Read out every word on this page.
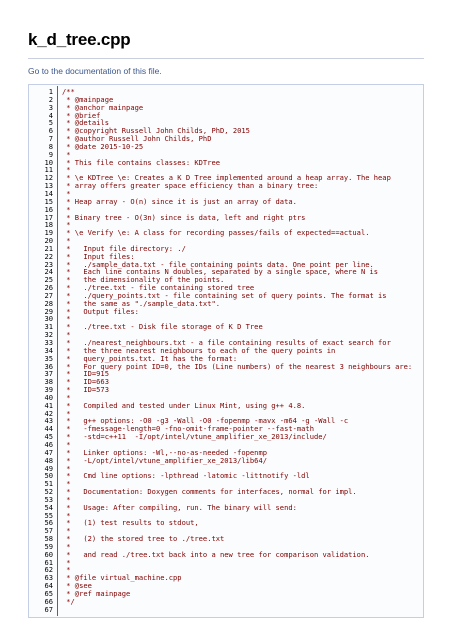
k_d_tree.cpp
Go to the documentation of this file.
1 /**
2 * @mainpage
3 * @anchor mainpage
4 * @brief
5 * @details
6 * @copyright Russell John Childs, PhD, 2015
7 * @author Russell John Childs, PhD
8 * @date 2015-10-25
9 *
10 * This file contains classes: KDTree
11 *
12 * \e KDTree \e: Creates a K D Tree implemented around a heap array. The heap
13 * array offers greater space efficiency than a binary tree:
14 *
15 * Heap array - O(n) since it is just an array of data.
16 *
17 * Binary tree - O(3n) since is data, left and right ptrs
18 *
19 * \e Verify \e: A class for recording passes/fails of expected==actual.
20 *
21 *   Input file directory: ./
22 *   Input files:
23 *   ./sample_data.txt - file containing points data. One point per line.
24 *   Each line contains N doubles, separated by a single space, where N is
25 *   the dimensionality of the points.
26 *   ./tree.txt - file containing stored tree
27 *   ./query_points.txt - file containing set of query points. The format is
28 *   the same as "./sample_data.txt".
29 *   Output files:
30 *
31 *   ./tree.txt - Disk file storage of K D Tree
32 *
33 *   ./nearest_neighbours.txt - a file containing results of exact search for
34 *   the three nearest neighbours to each of the query points in
35 *   query_points.txt. It has the format:
36 *   For query point ID=0, the IDs (Line numbers) of the nearest 3 neighbours are:
37 *   ID=915
38 *   ID=663
39 *   ID=573
40 *
41 *   Compiled and tested under Linux Mint, using g++ 4.8.
42 *
43 *   g++ options: -O0 -g3 -Wall -O0 -fopenmp -mavx -m64 -g -Wall -c
44 *   -fmessage-length=0 -fno-omit-frame-pointer --fast-math
45 *   -std=c++11  -I/opt/intel/vtune_amplifier_xe_2013/include/
46 *
47 *   Linker options: -Wl,--no-as-needed -fopenmp
48 *   -L/opt/intel/vtune_amplifier_xe_2013/lib64/
49 *
50 *   Cmd line options: -lpthread -latomic -littnotify -ldl
51 *
52 *   Documentation: Doxygen comments for interfaces, normal for impl.
53 *
54 *   Usage: After compiling, run. The binary will send:
55 *
56 *   (1) test results to stdout,
57 *
58 *   (2) the stored tree to ./tree.txt
59 *
60 *   and read ./tree.txt back into a new tree for comparison validation.
61 *
62 *
63 * @file virtual_machine.cpp
64 * @see
65 * @ref mainpage
66 */
67
